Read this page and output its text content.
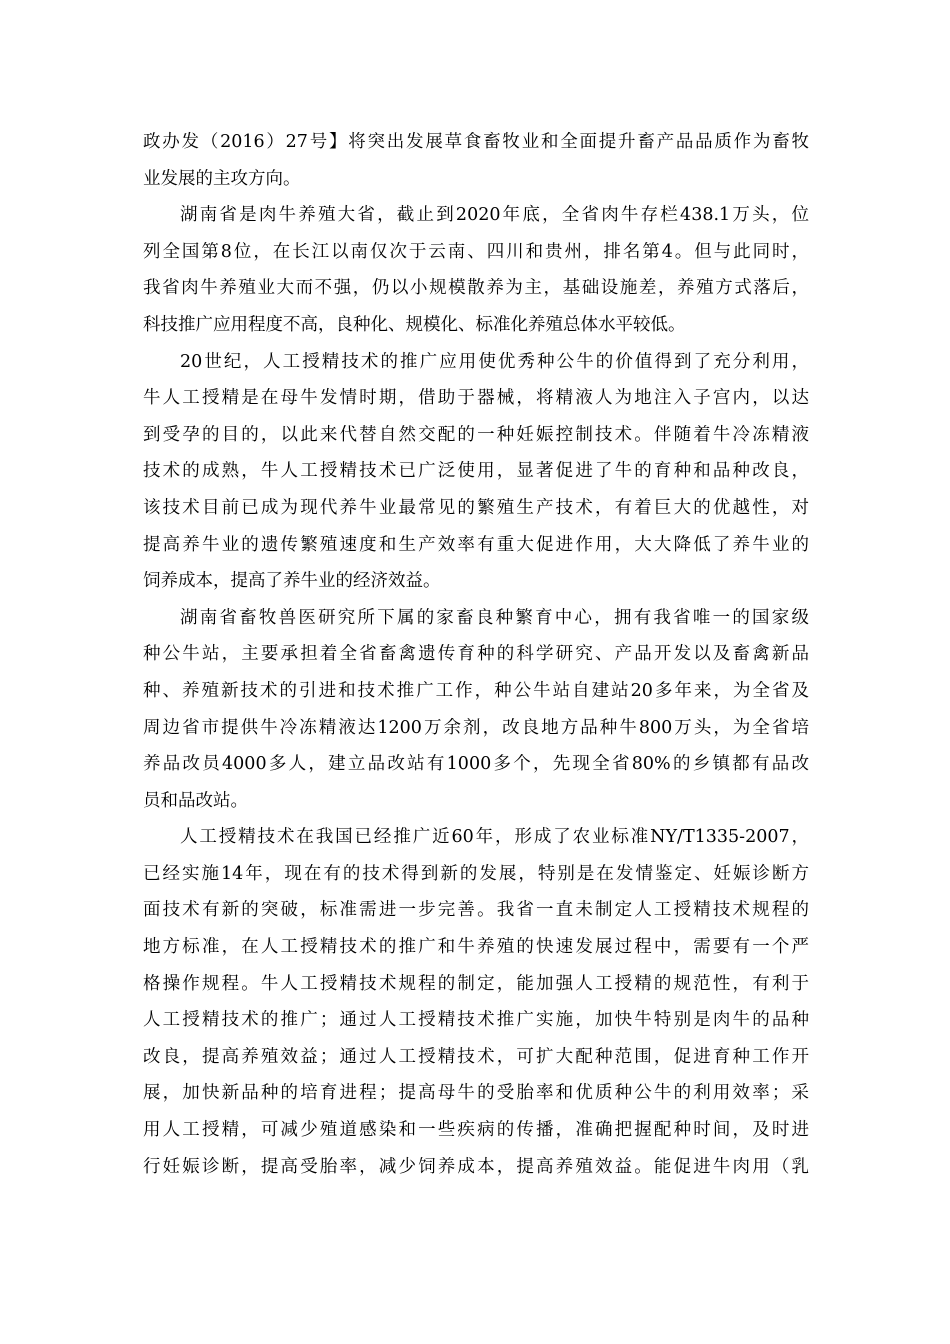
政办发（2016）27号】将突出发展草食畜牧业和全面提升畜产品品质作为畜牧
业发展的主攻方向。
湖南省是肉牛养殖大省，截止到2020年底，全省肉牛存栏438.1万头，位
列全国第8位，在长江以南仅次于云南、四川和贵州，排名第4。但与此同时，
我省肉牛养殖业大而不强，仍以小规模散养为主，基础设施差，养殖方式落后，
科技推广应用程度不高，良种化、规模化、标准化养殖总体水平较低。
20世纪，人工授精技术的推广应用使优秀种公牛的价值得到了充分利用，
牛人工授精是在母牛发情时期，借助于器械，将精液人为地注入子宫内，以达
到受孕的目的，以此来代替自然交配的一种妊娠控制技术。伴随着牛冷冻精液
技术的成熟，牛人工授精技术已广泛使用，显著促进了牛的育种和品种改良，
该技术目前已成为现代养牛业最常见的繁殖生产技术，有着巨大的优越性，对
提高养牛业的遗传繁殖速度和生产效率有重大促进作用，大大降低了养牛业的
饲养成本，提高了养牛业的经济效益。
湖南省畜牧兽医研究所下属的家畜良种繁育中心，拥有我省唯一的国家级
种公牛站，主要承担着全省畜禽遗传育种的科学研究、产品开发以及畜禽新品
种、养殖新技术的引进和技术推广工作，种公牛站自建站20多年来，为全省及
周边省市提供牛冷冻精液达1200万余剂，改良地方品种牛800万头，为全省培
养品改员4000多人，建立品改站有1000多个，先现全省80%的乡镇都有品改
员和品改站。
人工授精技术在我国已经推广近60年，形成了农业标准NY/T1335-2007，
已经实施14年，现在有的技术得到新的发展，特别是在发情鉴定、妊娠诊断方
面技术有新的突破，标准需进一步完善。我省一直未制定人工授精技术规程的
地方标准，在人工授精技术的推广和牛养殖的快速发展过程中，需要有一个严
格操作规程。牛人工授精技术规程的制定，能加强人工授精的规范性，有利于
人工授精技术的推广；通过人工授精技术推广实施，加快牛特别是肉牛的品种
改良，提高养殖效益；通过人工授精技术，可扩大配种范围，促进育种工作开
展，加快新品种的培育进程；提高母牛的受胎率和优质种公牛的利用效率；采
用人工授精，可减少殖道感染和一些疾病的传播，准确把握配种时间，及时进
行妊娠诊断，提高受胎率，减少饲养成本，提高养殖效益。能促进牛肉用（乳
